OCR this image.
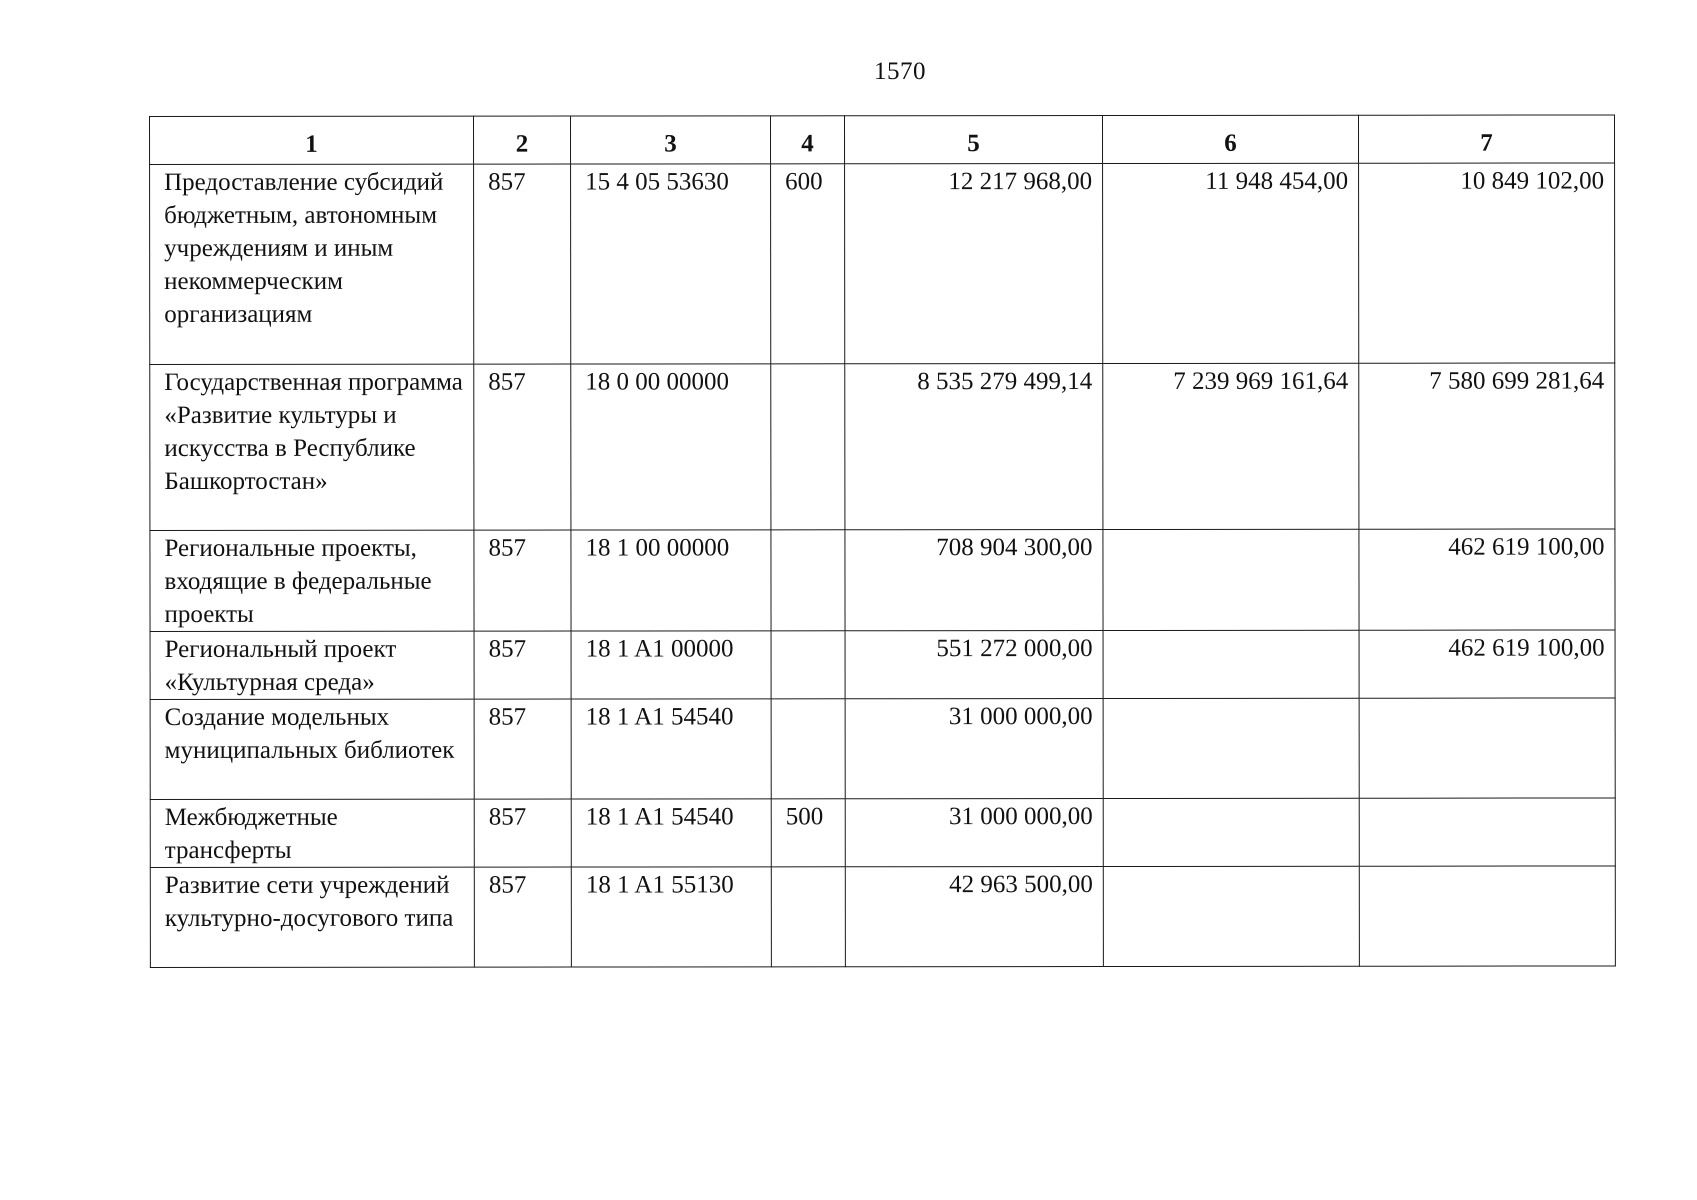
1570
1	2	3	4	5	6	7
Предоставление субсидий бюджетным, автономным учреждениям и иным некоммерческим организациям	857	15 4 05 53630	600	12 217 968,00	11 948 454,00	10 849 102,00
Государственная программа «Развитие культуры и искусства в Республике Башкортостан»	857	18 0 00 00000		8 535 279 499,14	7 239 969 161,64	7 580 699 281,64
Региональные проекты, входящие в федеральные проекты	857	18 1 00 00000		708 904 300,00		462 619 100,00
Региональный проект «Культурная среда»	857	18 1 A1 00000		551 272 000,00		462 619 100,00
Создание модельных муниципальных библиотек	857	18 1 A1 54540		31 000 000,00		
Межбюджетные трансферты	857	18 1 A1 54540	500	31 000 000,00		
Развитие сети учреждений культурно-досугового типа	857	18 1 A1 55130		42 963 500,00		
